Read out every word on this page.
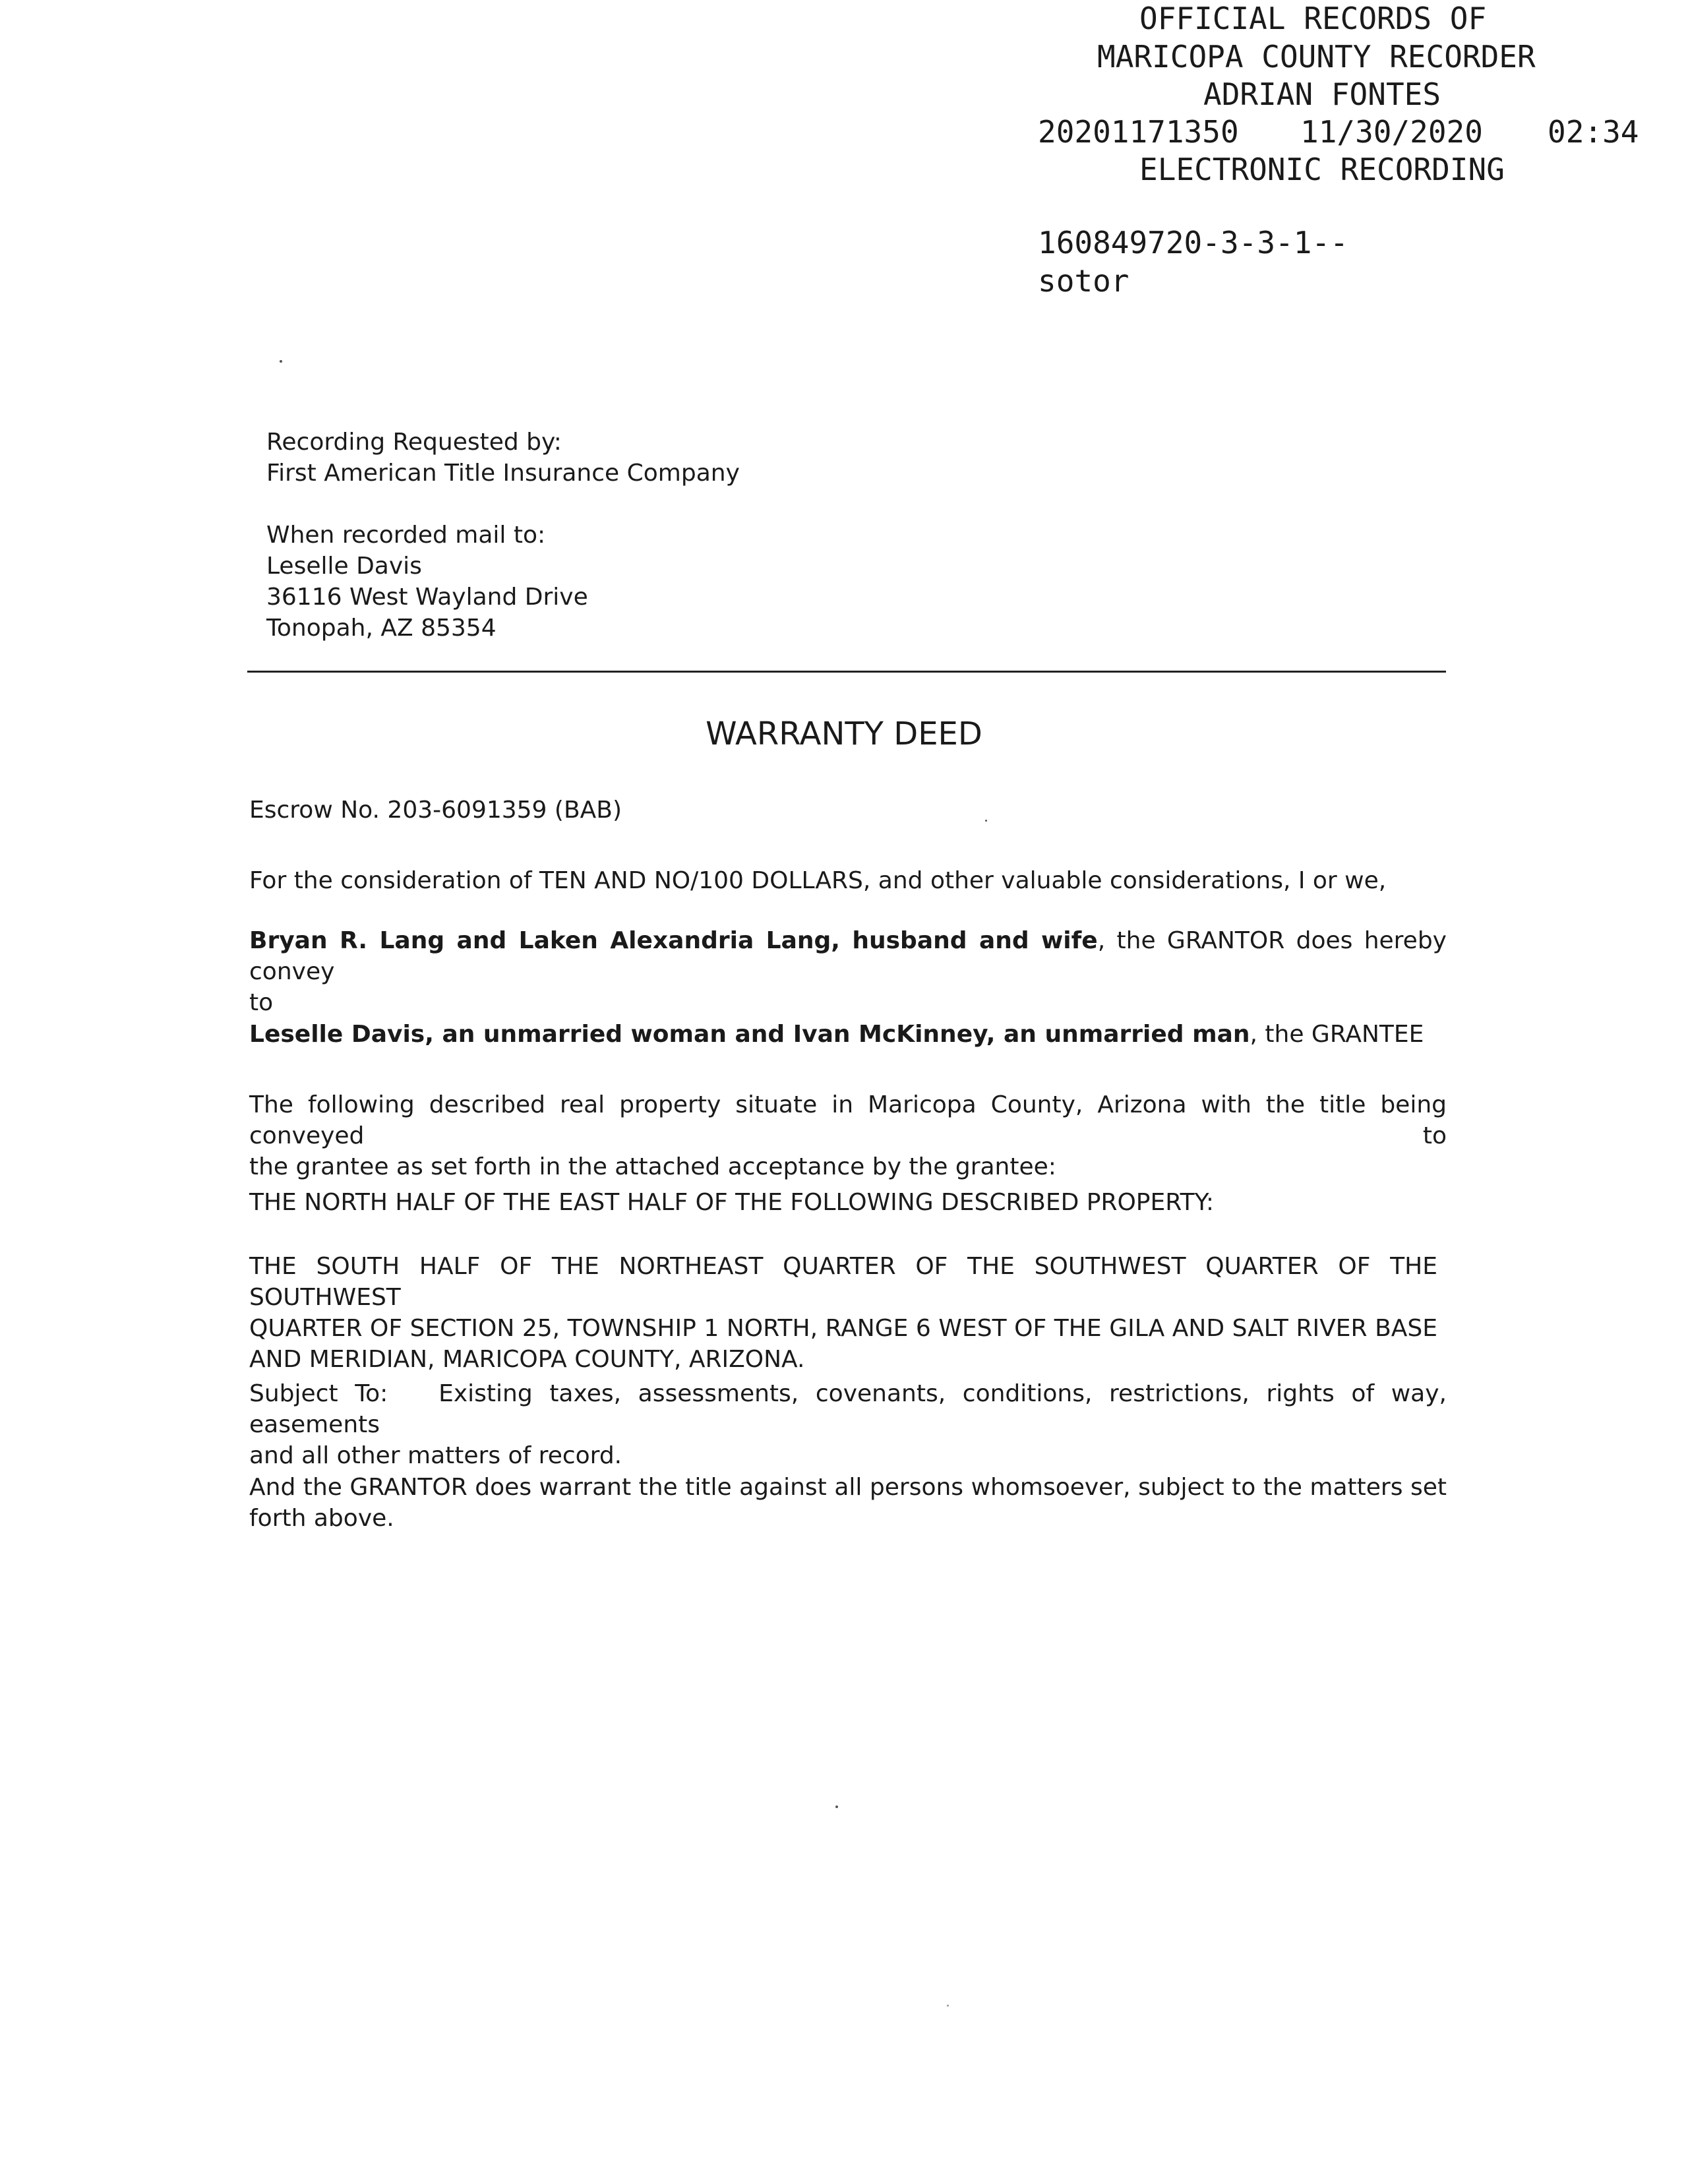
OFFICIAL RECORDS OF

MARICOPA COUNTY RECORDER

ADRIAN FONTES

20201171350

11/30/2020

02:34

ELECTRONIC RECORDING

160849720-3-3-1--

sotor

Recording Requested by:
First American Title Insurance Company
When recorded mail to:
Leselle Davis
36116 West Wayland Drive
Tonopah, AZ 85354
WARRANTY DEED
Escrow No. 203-6091359 (BAB)
For the consideration of TEN AND NO/100 DOLLARS, and other valuable considerations, I or we,
Bryan R. Lang and Laken Alexandria Lang, husband and wife, the GRANTOR does hereby convey
to
Leselle Davis, an unmarried woman and Ivan McKinney, an unmarried man, the GRANTEE
The following described real property situate in Maricopa County, Arizona with the title being conveyed to
the grantee as set forth in the attached acceptance by the grantee:
THE NORTH HALF OF THE EAST HALF OF THE FOLLOWING DESCRIBED PROPERTY:
THE SOUTH HALF OF THE NORTHEAST QUARTER OF THE SOUTHWEST QUARTER OF THE SOUTHWEST
QUARTER OF SECTION 25, TOWNSHIP 1 NORTH, RANGE 6 WEST OF THE GILA AND SALT RIVER BASE
AND MERIDIAN, MARICOPA COUNTY, ARIZONA.
Subject To:   Existing taxes, assessments, covenants, conditions, restrictions, rights of way, easements
and all other matters of record.
And the GRANTOR does warrant the title against all persons whomsoever, subject to the matters set
forth above.
